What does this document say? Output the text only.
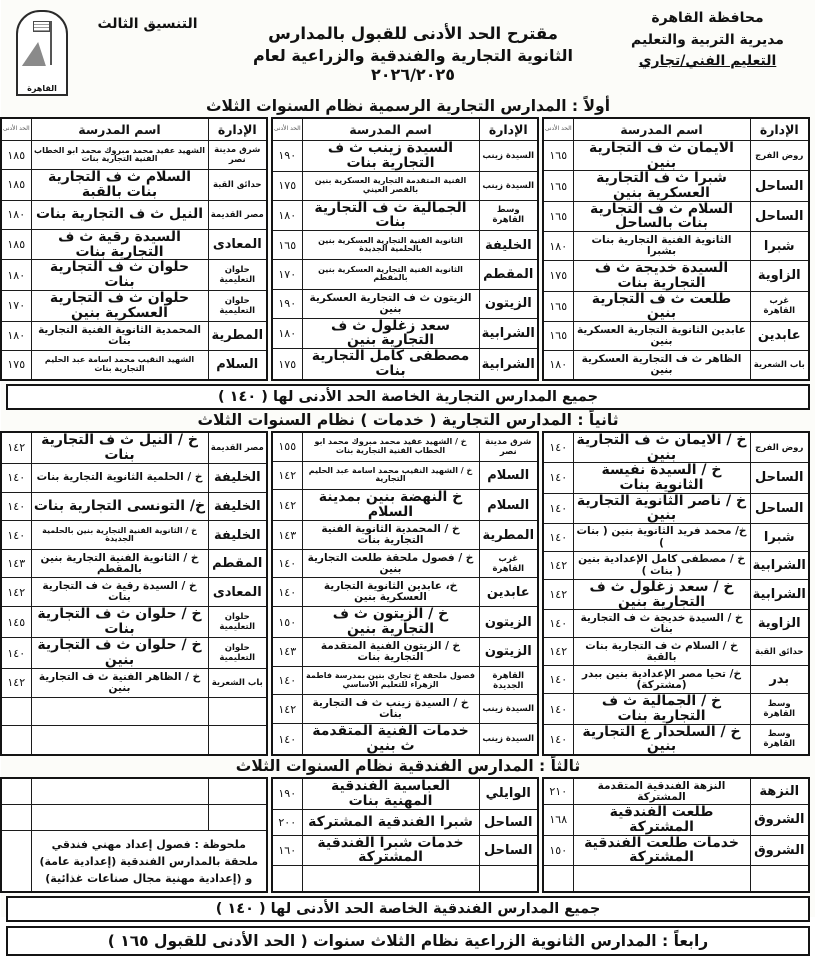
محافظة القاهرة
مديرية التربية والتعليم
التعليم الفني/تجاري
مقترح الحد الأدنى للقبول بالمدارس
الثانوية التجارية والفندقية والزراعية لعام ٢٠٢٦/٢٠٢٥
التنسيق الثالث
القاهرة
أولاً : المدارس التجارية الرسمية نظام السنوات الثلاث
الإدارة	اسم المدرسة	الحد الأدنى
روض الفرج	الايمان ث ف التجارية بنين	١٦٥
الساحل	شبرا ث ف التجارية العسكرية بنين	١٦٥
الساحل	السلام ث ف التجارية بنات بالساحل	١٦٥
شبرا	الثانوية الفنية التجارية بنات بشبرا	١٨٠
الزاوية	السيدة خديجة ث ف التجارية بنات	١٧٥
غرب القاهرة	طلعت ث ف التجارية بنين	١٦٥
عابدين	عابدين الثانوية التجارية العسكرية بنين	١٦٥
باب الشعرية	الظاهر ث ف التجارية العسكرية بنين	١٨٠
الإدارة	اسم المدرسة	الحد الأدنى
السيدة زينب	السيدة زينب ث ف التجارية بنات	١٩٠
السيدة زينب	الفنية المتقدمة التجارية العسكرية بنين بالقصر العيني	١٧٥
وسط القاهرة	الجمالية ث ف التجارية بنات	١٨٠
الخليفة	الثانوية الفنية التجارية العسكرية بنين بالحلمية الجديدة	١٦٥
المقطم	الثانوية الفنية التجارية العسكرية بنين بالمقطم	١٧٠
الزيتون	الزيتون ث ف التجارية العسكرية بنين	١٩٠
الشرابية	سعد زغلول ث ف التجارية بنين	١٨٠
الشرابية	مصطفى كامل التجارية بنات	١٧٥
الإدارة	اسم المدرسة	الحد الأدنى
شرق مدينة نصر	الشهيد عقيد محمد مبروك محمد ابو الخطاب الفنية التجارية بنات	١٨٥
حدائق القبة	السلام ث ف التجارية بنات بالقبة	١٨٥
مصر القديمة	النيل ث ف التجارية بنات	١٨٠
المعادى	السيدة رقية ث ف التجارية بنات	١٨٥
حلوان التعليمية	حلوان ث ف التجارية بنات	١٨٠
حلوان التعليمية	حلوان ث ف التجارية العسكرية بنين	١٧٠
المطرية	المحمدية الثانوية الفنية التجارية بنات	١٨٠
السلام	الشهيد النقيب محمد اسامة عبد الحليم التجارية بنات	١٧٥
جميع المدارس التجارية الخاصة الحد الأدنى لها ( ١٤٠ )
ثانياً : المدارس التجارية ( خدمات ) نظام السنوات الثلاث
روض الفرج	خ / الايمان ث ف التجارية بنين	١٤٠
الساحل	خ / السيدة نفيسة الثانوية بنات	١٤٠
الساحل	خ / ناصر الثانوية التجارية بنين	١٤٠
شبرا	خ/ محمد فريد الثانوية بنين ( بنات )	١٤٠
الشرابية	خ / مصطفى كامل الإعدادية بنين ( بنات )	١٤٢
الشرابية	خ / سعد زغلول ث ف التجارية بنين	١٤٢
الزاوية	خ / السيدة خديجة ث ف التجارية بنات	١٤٠
حدائق القبة	خ / السلام ث ف التجارية بنات بالقبة	١٤٢
بدر	خ/ تحيا مصر الإعدادية بنين ببدر (مشتركة)	١٤٠
وسط القاهرة	خ / الجمالية ث ف التجارية بنات	١٤٠
وسط القاهرة	خ / السلحدار ع التجارية بنين	١٤٠
شرق مدينة نصر	خ / الشهيد عقيد محمد مبروك محمد ابو الخطاب الفنية التجارية بنات	١٥٥
السلام	خ / الشهيد النقيب محمد اسامة عبد الحليم التجارية	١٤٢
السلام	خ النهضة بنين بمدينة السلام	١٤٢
المطرية	خ / المحمدية الثانوية الفنية التجارية بنات	١٤٣
غرب القاهرة	خ / فصول ملحقة طلعت التجارية بنين	١٤٠
عابدين	خ، عابدين الثانوية التجارية العسكرية بنين	١٤٠
الزيتون	خ / الزيتون ث ف التجارية بنين	١٥٠
الزيتون	خ / الزيتون الفنية المتقدمة التجارية بنات	١٤٣
القاهرة الجديدة	فصول ملحقة خ تجاري بنين بمدرسة فاطمة الزهراء للتعليم الاساسي	١٤٠
السيدة زينب	خ / السيدة زينب ث ف التجارية بنات	١٤٢
السيدة زينب	خدمات الفنية المتقدمة ث بنين	١٤٠
مصر القديمة	خ / النيل ث ف التجارية بنات	١٤٢
الخليفة	خ / الحلمية الثانوية التجارية بنات	١٤٠
الخليفة	خ/ التونسى التجارية بنات	١٤٠
الخليفة	خ / الثانوية الفنية التجارية بنين بالحلمية الجديدة	١٤٠
المقطم	خ / الثانوية الفنية التجارية بنين بالمقطم	١٤٣
المعادى	خ / السيدة رقية ث ف التجارية بنات	١٤٢
حلوان التعليمية	خ / حلوان ث ف التجارية بنات	١٤٥
حلوان التعليمية	خ / حلوان ث ف التجارية بنين	١٤٠
باب الشعرية	خ / الظاهر الفنية ث ف التجارية بنين	١٤٢

ثالثاً : المدارس الفندقية نظام السنوات الثلاث
النزهة	النزهة الفندقية المتقدمة المشتركة	٢١٠
الشروق	طلعت الفندقية المشتركة	١٦٨
الشروق	خدمات طلعت الفندقية المشتركة	١٥٠

الوايلي	العباسية الفندقية المهنية بنات	١٩٠
الساحل	شبرا الفندقية المشتركة	٢٠٠
الساحل	خدمات شبرا الفندقية المشتركة	١٦٠

ملحوظة : فصول إعداد مهني فندقي ملحقة بالمدارس الفندقية (إعدادية عامة) و (إعدادية مهنية مجال صناعات غذائية)		
جميع المدارس الفندقية الخاصة الحد الأدنى لها ( ١٤٠ )
رابعاً : المدارس الثانوية الزراعية نظام الثلاث سنوات ( الحد الأدنى للقبول ١٦٥ )
